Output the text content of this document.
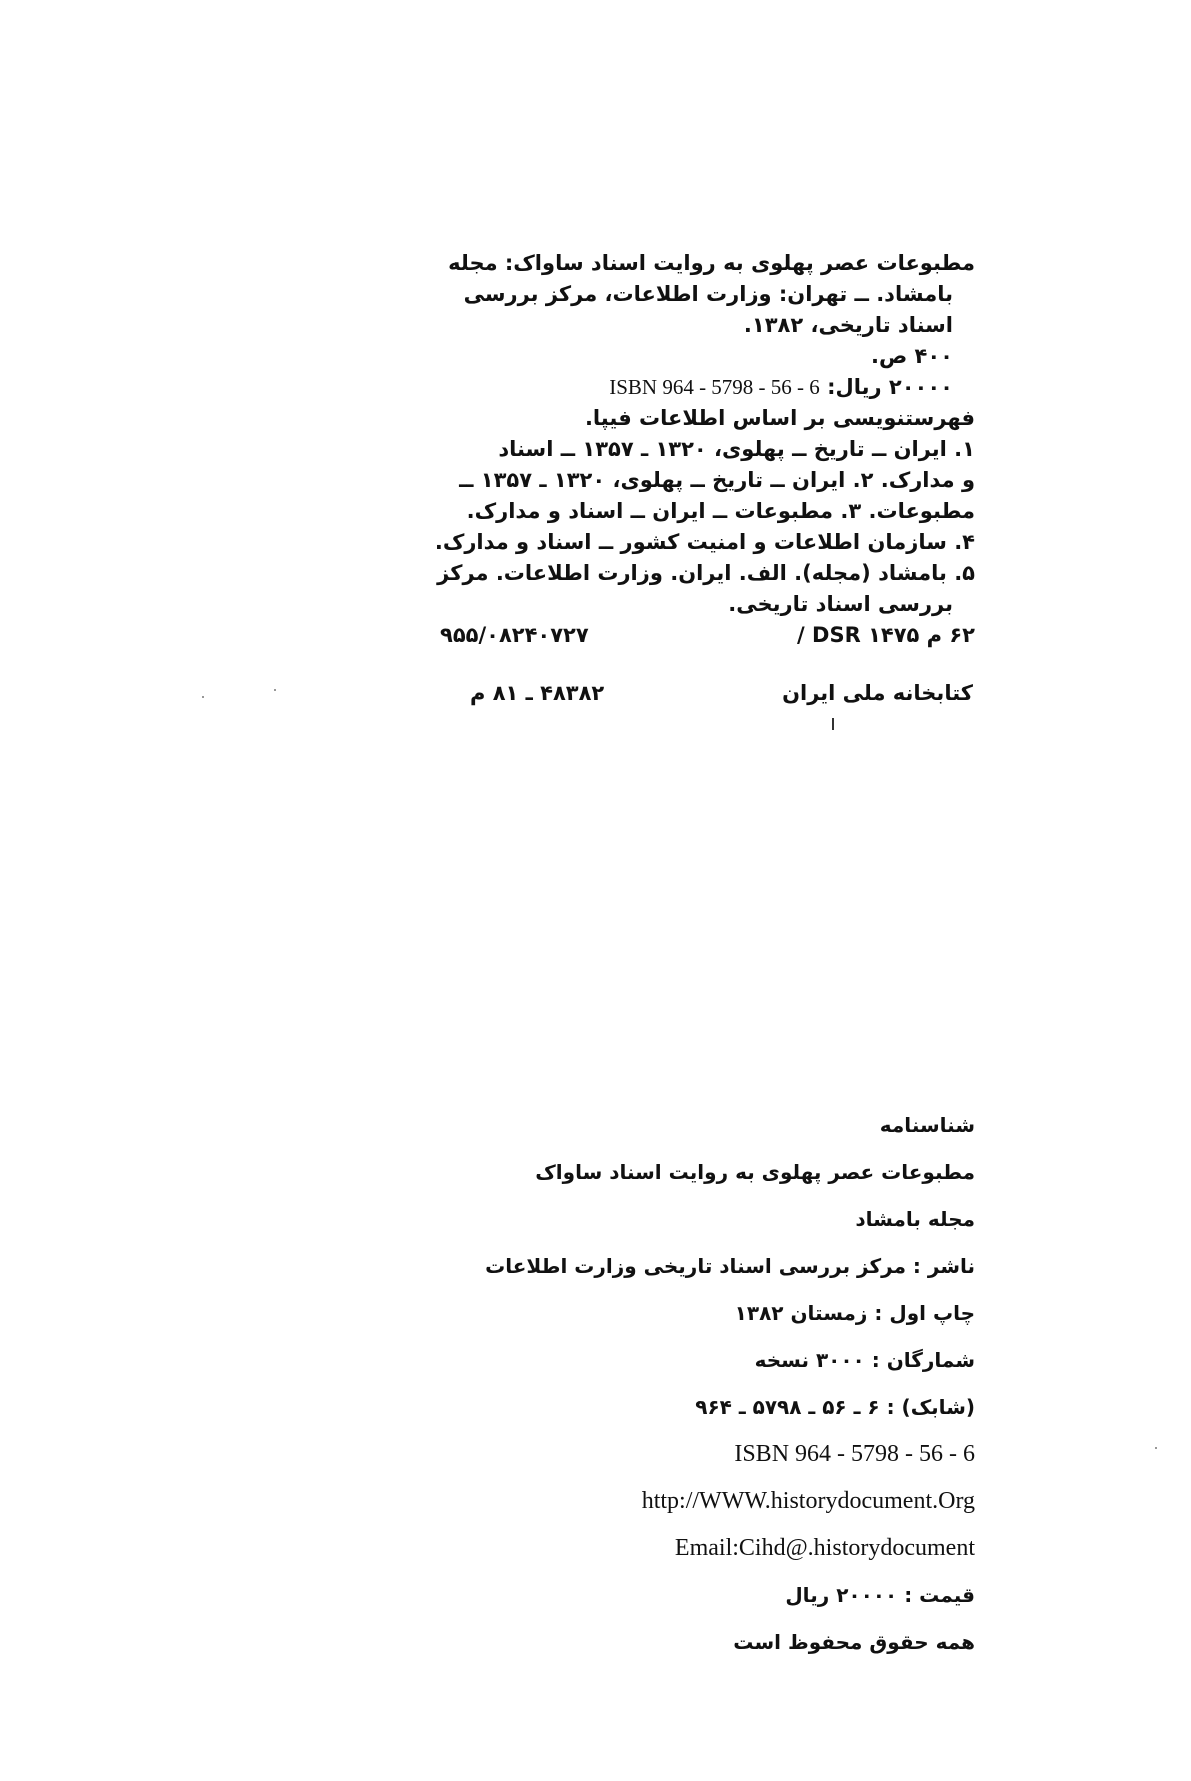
مطبوعات عصر پهلوی به روایت اسناد ساواک: مجله
بامشاد. ــ تهران: وزارت اطلاعات، مرکز بررسی
اسناد تاریخی، ۱۳۸۲.
۴۰۰ ص.
۲۰۰۰۰ ریال: ISBN 964 - 5798 - 56 - 6
فهرستنویسی بر اساس اطلاعات فیپا.
۱. ایران ــ تاریخ ــ پهلوی، ۱۳۲۰ ـ ۱۳۵۷ ــ اسناد
و مدارک. ۲. ایران ــ تاریخ ــ پهلوی، ۱۳۲۰ ـ ۱۳۵۷ ــ
مطبوعات. ۳. مطبوعات ــ ایران ــ اسناد و مدارک.
۴. سازمان اطلاعات و امنیت کشور ــ اسناد و مدارک.
۵. بامشاد (مجله). الف. ایران. وزارت اطلاعات. مرکز
بررسی اسناد تاریخی.
۶۲ م DSR ۱۴۷۵ /
۹۵۵/۰۸۲۴۰۷۲۷
کتابخانه ملی ایران
۴۸۳۸۲ ـ ۸۱ م
شناسنامه
مطبوعات عصر پهلوی به روایت اسناد ساواک
مجله بامشاد
ناشر : مرکز بررسی اسناد تاریخی وزارت اطلاعات
چاپ اول : زمستان ۱۳۸۲
شمارگان : ۳۰۰۰ نسخه
(شابک) : ۶ ـ ۵۶ ـ ۵۷۹۸ ـ ۹۶۴
ISBN 964 - 5798 - 56 - 6
http://WWW.historydocument.Org
Email:Cihd@.historydocument
قیمت : ۲۰۰۰۰ ریال
همه حقوق محفوظ است
